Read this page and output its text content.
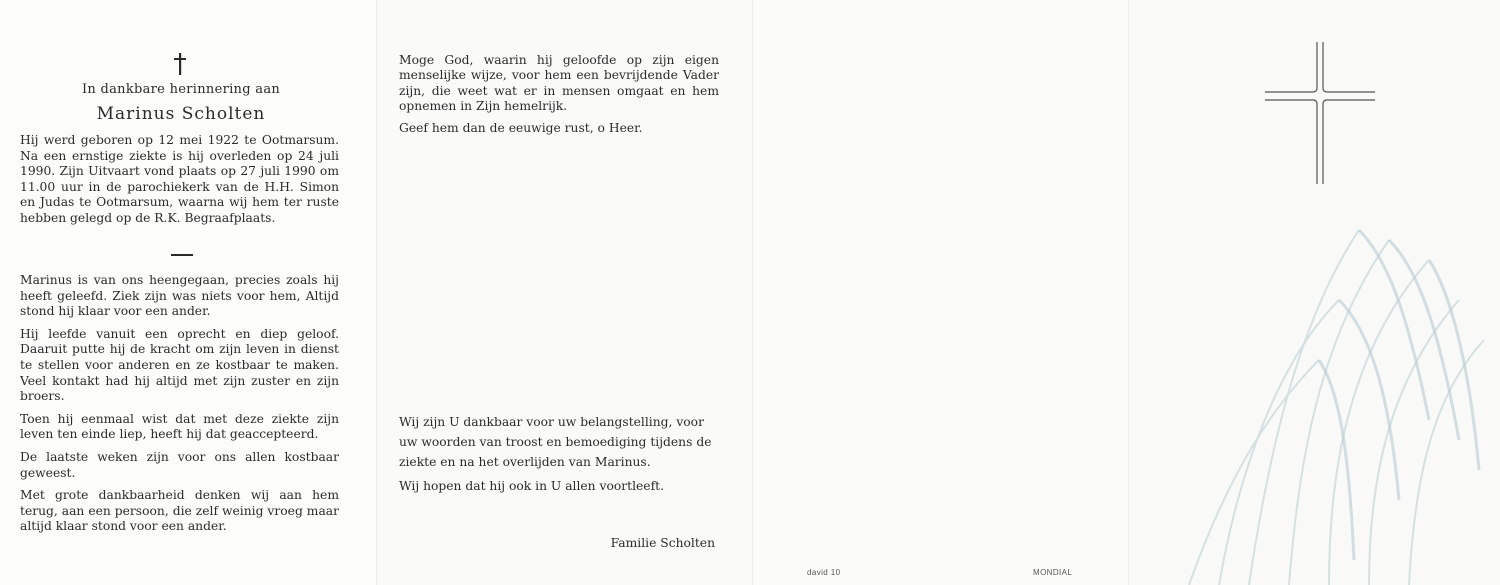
In dankbare herinnering aan
Marinus Scholten

Hij werd geboren op 12 mei 1922 te Ootmarsum. Na een ernstige ziekte is hij overleden op 24 juli 1990. Zijn Uitvaart vond plaats op 27 juli 1990 om 11.00 uur in de parochiekerk van de H.H. Simon en Judas te Ootmarsum, waarna wij hem ter ruste hebben gelegd op de R.K. Begraafplaats.

Marinus is van ons heengegaan, precies zoals hij heeft geleefd. Ziek zijn was niets voor hem, Altijd stond hij klaar voor een ander.

Hij leefde vanuit een oprecht en diep geloof. Daaruit putte hij de kracht om zijn leven in dienst te stellen voor anderen en ze kostbaar te maken. Veel kontakt had hij altijd met zijn zuster en zijn broers.

Toen hij eenmaal wist dat met deze ziekte zijn leven ten einde liep, heeft hij dat geaccepteerd.

De laatste weken zijn voor ons allen kostbaar geweest.

Met grote dankbaarheid denken wij aan hem terug, aan een persoon, die zelf weinig vroeg maar altijd klaar stond voor een ander.

Moge God, waarin hij geloofde op zijn eigen menselijke wijze, voor hem een bevrijdende Vader zijn, die weet wat er in mensen omgaat en hem opnemen in Zijn hemelrijk.

Geef hem dan de eeuwige rust, o Heer.

Wij zijn U dankbaar voor uw belangstelling, voor uw woorden van troost en bemoediging tijdens de ziekte en na het overlijden van Marinus.

Wij hopen dat hij ook in U allen voortleeft.

Familie Scholten
david 10	MONDIAL
